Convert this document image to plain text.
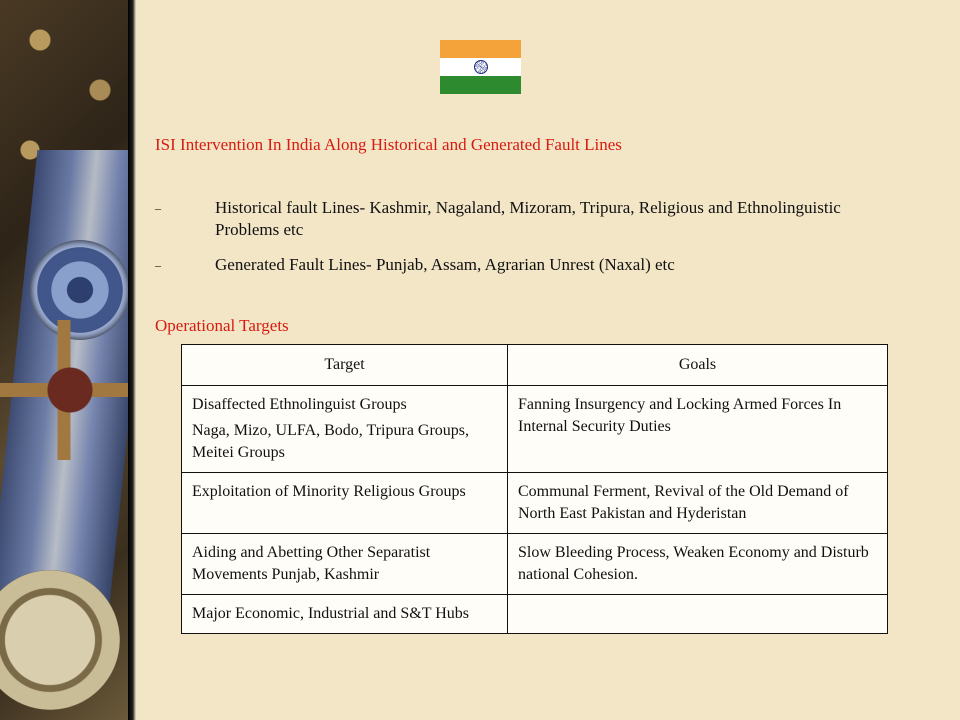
ISI Intervention In India Along Historical and Generated Fault Lines

–	Historical fault Lines- Kashmir, Nagaland, Mizoram, Tripura, Religious and Ethnolinguistic Problems etc
–	Generated Fault Lines- Punjab, Assam, Agrarian Unrest (Naxal) etc

Operational Targets

Target	Goals

Disaffected Ethnolinguist Groups
Naga, Mizo, ULFA, Bodo, Tripura Groups, Meitei Groups	Fanning Insurgency and Locking Armed Forces In Internal Security Duties

Exploitation of Minority Religious Groups	Communal Ferment, Revival of the Old Demand of North East Pakistan and Hyderistan

Aiding and Abetting Other Separatist Movements Punjab, Kashmir	Slow Bleeding Process, Weaken Economy and Disturb national Cohesion.

Major Economic, Industrial and S&T Hubs	
